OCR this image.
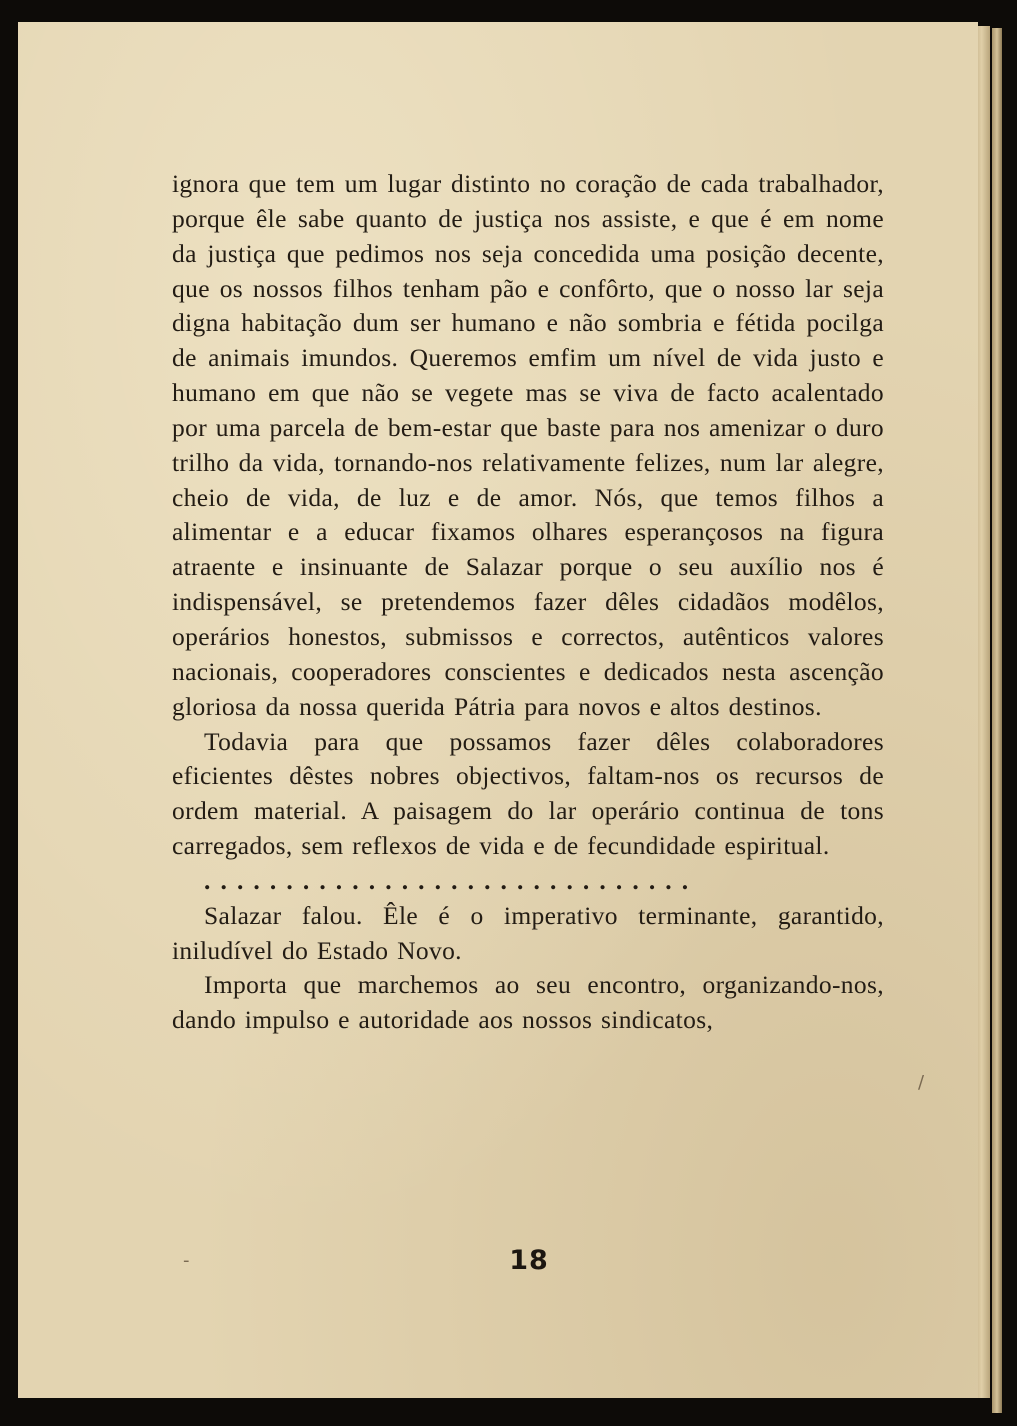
ignora que tem um lugar distinto no coração de cada trabalhador, porque êle sabe quanto de justiça nos assiste, e que é em nome da justiça que pedimos nos seja concedida uma posição decente, que os nossos filhos tenham pão e confôrto, que o nosso lar seja digna habitação dum ser humano e não sombria e fétida pocilga de animais imundos. Queremos emfim um nível de vida justo e humano em que não se vegete mas se viva de facto acalentado por uma parcela de bem-estar que baste para nos amenizar o duro trilho da vida, tornando-nos relativamente felizes, num lar alegre, cheio de vida, de luz e de amor. Nós, que temos filhos a alimentar e a educar fixamos olhares esperançosos na figura atraente e insinuante de Salazar porque o seu auxílio nos é indispensável, se pretendemos fazer dêles cidadãos modêlos, operários honestos, submissos e correctos, autênticos valores nacionais, cooperadores conscientes e dedicados nesta ascenção gloriosa da nossa querida Pátria para novos e altos destinos.

Todavia para que possamos fazer dêles colaboradores eficientes dêstes nobres objectivos, faltam-nos os recursos de ordem material. A paisagem do lar operário continua de tons carregados, sem reflexos de vida e de fecundidade espiritual.

..............................

Salazar falou. Êle é o imperativo terminante, garantido, iniludível do Estado Novo.

Importa que marchemos ao seu encontro, organizando-nos, dando impulso e autoridade aos nossos sindicatos,

/
-	18
